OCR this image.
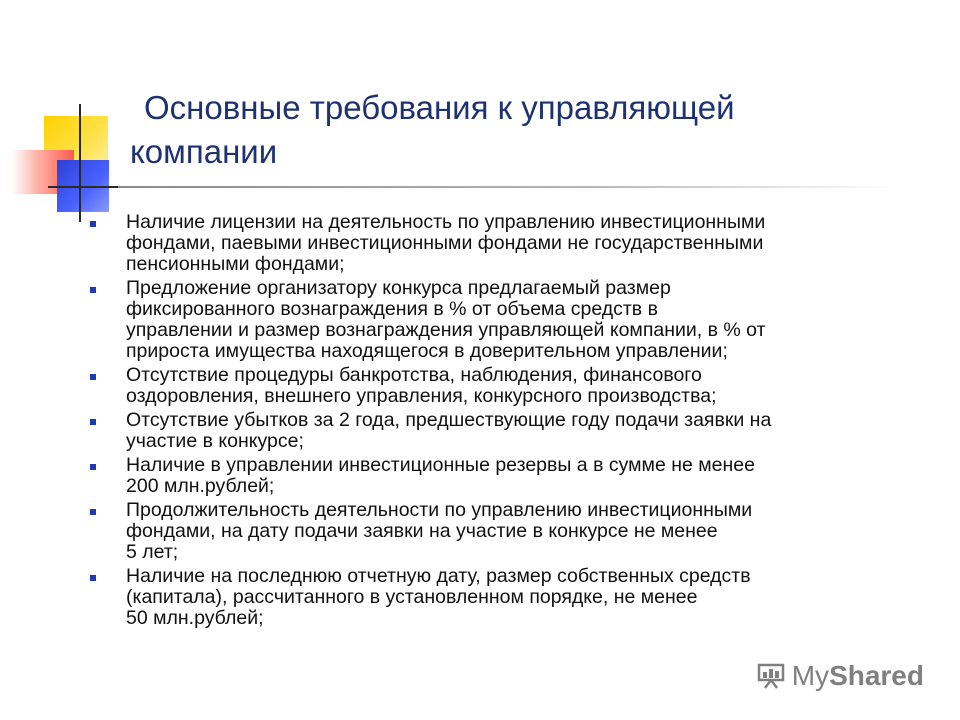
Основные требования к управляющей
компании
Наличие лицензии на деятельность по управлению инвестиционными
фондами, паевыми инвестиционными фондами не государственными
пенсионными фондами;
Предложение организатору конкурса предлагаемый размер
фиксированного вознаграждения в % от объема средств в
управлении и размер вознаграждения управляющей компании, в % от
прироста имущества находящегося в доверительном управлении;
Отсутствие процедуры банкротства, наблюдения, финансового
оздоровления, внешнего управления, конкурсного производства;
Отсутствие убытков за 2 года, предшествующие году подачи заявки на
участие в конкурсе;
Наличие в управлении инвестиционные резервы а в сумме не менее
200 млн.рублей;
Продолжительность деятельности по управлению инвестиционными
фондами, на дату подачи заявки на участие в конкурсе не менее
5 лет;
Наличие на последнюю отчетную дату, размер собственных средств
(капитала), рассчитанного в установленном порядке, не менее
50 млн.рублей;
MyShared
